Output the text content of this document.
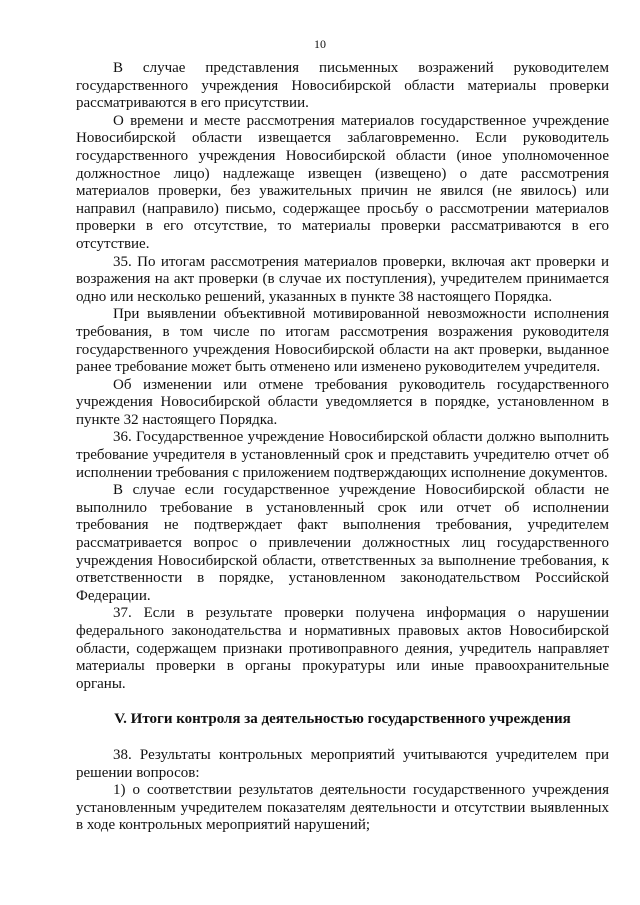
10

В случае представления письменных возражений руководителем государственного учреждения Новосибирской области материалы проверки рассматриваются в его присутствии.

О времени и месте рассмотрения материалов государственное учреждение Новосибирской области извещается заблаговременно. Если руководитель государственного учреждения Новосибирской области (иное уполномоченное должностное лицо) надлежаще извещен (извещено) о дате рассмотрения материалов проверки, без уважительных причин не явился (не явилось) или направил (направило) письмо, содержащее просьбу о рассмотрении материалов проверки в его отсутствие, то материалы проверки рассматриваются в его отсутствие.

35. По итогам рассмотрения материалов проверки, включая акт проверки и возражения на акт проверки (в случае их поступления), учредителем принимается одно или несколько решений, указанных в пункте 38 настоящего Порядка.

При выявлении объективной мотивированной невозможности исполнения требования, в том числе по итогам рассмотрения возражения руководителя государственного учреждения Новосибирской области на акт проверки, выданное ранее требование может быть отменено или изменено руководителем учредителя.

Об изменении или отмене требования руководитель государственного учреждения Новосибирской области уведомляется в порядке, установленном в пункте 32 настоящего Порядка.

36. Государственное учреждение Новосибирской области должно выполнить требование учредителя в установленный срок и представить учредителю отчет об исполнении требования с приложением подтверждающих исполнение документов.

В случае если государственное учреждение Новосибирской области не выполнило требование в установленный срок или отчет об исполнении требования не подтверждает факт выполнения требования, учредителем рассматривается вопрос о привлечении должностных лиц государственного учреждения Новосибирской области, ответственных за выполнение требования, к ответственности в порядке, установленном законодательством Российской Федерации.

37. Если в результате проверки получена информация о нарушении федерального законодательства и нормативных правовых актов Новосибирской области, содержащем признаки противоправного деяния, учредитель направляет материалы проверки в органы прокуратуры или иные правоохранительные органы.

V. Итоги контроля за деятельностью государственного учреждения

38. Результаты контрольных мероприятий учитываются учредителем при решении вопросов:

1) о соответствии результатов деятельности государственного учреждения установленным учредителем показателям деятельности и отсутствии выявленных в ходе контрольных мероприятий нарушений;
